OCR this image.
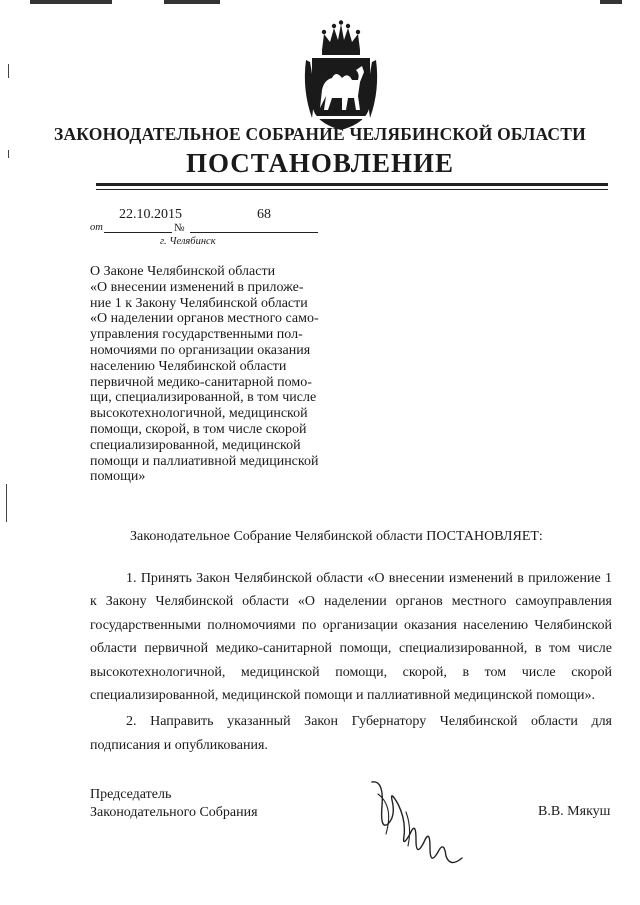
ЗАКОНОДАТЕЛЬНОЕ СОБРАНИЕ ЧЕЛЯБИНСКОЙ ОБЛАСТИ
ПОСТАНОВЛЕНИЕ
от
22.10.2015
№
68
г. Челябинск
О Законе Челябинской области
«О внесении изменений в приложе-
ние 1 к Закону Челябинской области
«О наделении органов местного само-
управления государственными пол-
номочиями по организации оказания
населению Челябинской области
первичной медико-санитарной помо-
щи, специализированной, в том числе
высокотехнологичной, медицинской
помощи, скорой, в том числе скорой
специализированной, медицинской
помощи и паллиативной медицинской
помощи»
Законодательное Собрание Челябинской области ПОСТАНОВЛЯЕТ:

1. Принять Закон Челябинской области «О внесении изменений в приложение 1 к Закону Челябинской области «О наделении органов местного самоуправления государственными полномочиями по организации оказания населению Челябинской области первичной медико-санитарной помощи, специализированной, в том числе высокотехнологичной, медицинской помощи, скорой, в том числе скорой специализированной, медицинской помощи и паллиативной медицинской помощи».

2. Направить указанный Закон Губернатору Челябинской области для подписания и опубликования.

Председатель
Законодательного Собрания	В.В. Мякуш
